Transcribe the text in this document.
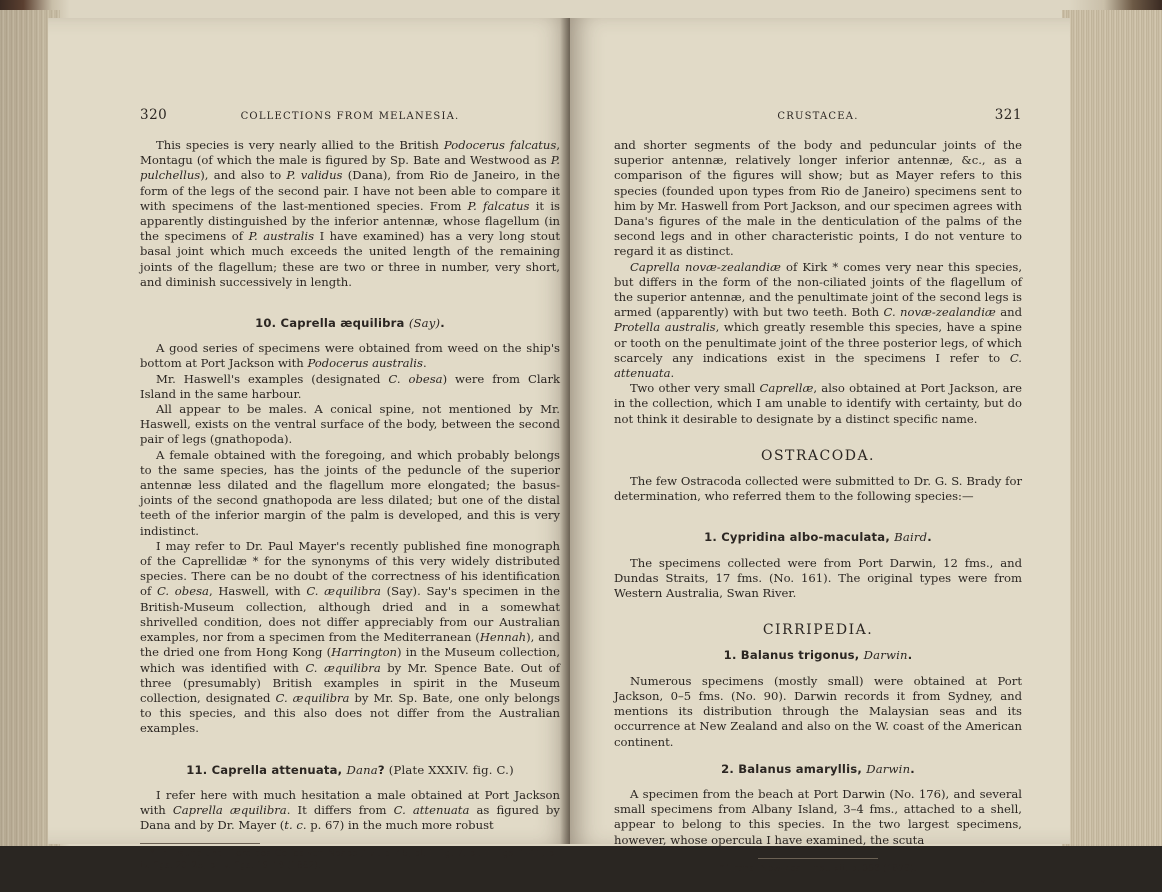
320	COLLECTIONS FROM MELANESIA.

This species is very nearly allied to the British Podocerus falcatus, Montagu (of which the male is figured by Sp. Bate and Westwood as P. pulchellus), and also to P. validus (Dana), from Rio de Janeiro, in the form of the legs of the second pair. I have not been able to compare it with specimens of the last-mentioned species. From P. falcatus it is apparently distinguished by the inferior antennæ, whose flagellum (in the specimens of P. australis I have examined) has a very long stout basal joint which much exceeds the united length of the remaining joints of the flagellum; these are two or three in number, very short, and diminish successively in length.

10. Caprella æquilibra (Say).

A good series of specimens were obtained from weed on the ship's bottom at Port Jackson with Podocerus australis.

Mr. Haswell's examples (designated C. obesa) were from Clark Island in the same harbour.

All appear to be males. A conical spine, not mentioned by Mr. Haswell, exists on the ventral surface of the body, between the second pair of legs (gnathopoda).

A female obtained with the foregoing, and which probably belongs to the same species, has the joints of the peduncle of the superior antennæ less dilated and the flagellum more elongated; the basus-joints of the second gnathopoda are less dilated; but one of the distal teeth of the inferior margin of the palm is developed, and this is very indistinct.

I may refer to Dr. Paul Mayer's recently published fine monograph of the Caprellidæ * for the synonyms of this very widely distributed species. There can be no doubt of the correctness of his identification of C. obesa, Haswell, with C. æquilibra (Say). Say's specimen in the British-Museum collection, although dried and in a somewhat shrivelled condition, does not differ appreciably from our Australian examples, nor from a specimen from the Mediterranean (Hennah), and the dried one from Hong Kong (Harrington) in the Museum collection, which was identified with C. æquilibra by Mr. Spence Bate. Out of three (presumably) British examples in spirit in the Museum collection, designated C. æquilibra by Mr. Sp. Bate, one only belongs to this species, and this also does not differ from the Australian examples.

11. Caprella attenuata, Dana? (Plate XXXIV. fig. C.)

I refer here with much hesitation a male obtained at Port Jackson with Caprella æquilibra. It differs from C. attenuata as figured by Dana and by Dr. Mayer (t. c. p. 67) in the much more robust

* In 'Fauna und Flora des Golfes von Neapel,' vi. p. 45, pl. i. fig. 7, pl. ii. figs. 1–11, pl. iv. figs. 20–25, pl. v. figs. 16–18 (1882).

CRUSTACEA.	321

and shorter segments of the body and peduncular joints of the superior antennæ, relatively longer inferior antennæ, &c., as a comparison of the figures will show; but as Mayer refers to this species (founded upon types from Rio de Janeiro) specimens sent to him by Mr. Haswell from Port Jackson, and our specimen agrees with Dana's figures of the male in the denticulation of the palms of the second legs and in other characteristic points, I do not venture to regard it as distinct.

Caprella novæ-zealandiæ of Kirk * comes very near this species, but differs in the form of the non-ciliated joints of the flagellum of the superior antennæ, and the penultimate joint of the second legs is armed (apparently) with but two teeth. Both C. novæ-zealandiæ and Protella australis, which greatly resemble this species, have a spine or tooth on the penultimate joint of the three posterior legs, of which scarcely any indications exist in the specimens I refer to C. attenuata.

Two other very small Caprellæ, also obtained at Port Jackson, are in the collection, which I am unable to identify with certainty, but do not think it desirable to designate by a distinct specific name.

OSTRACODA.

The few Ostracoda collected were submitted to Dr. G. S. Brady for determination, who referred them to the following species:—

1. Cypridina albo-maculata, Baird.

The specimens collected were from Port Darwin, 12 fms., and Dundas Straits, 17 fms. (No. 161). The original types were from Western Australia, Swan River.

CIRRIPEDIA.
1. Balanus trigonus, Darwin.

Numerous specimens (mostly small) were obtained at Port Jackson, 0–5 fms. (No. 90). Darwin records it from Sydney, and mentions its distribution through the Malaysian seas and its occurrence at New Zealand and also on the W. coast of the American continent.

2. Balanus amaryllis, Darwin.

A specimen from the beach at Port Darwin (No. 176), and several small specimens from Albany Island, 3–4 fms., attached to a shell, appear to belong to this species. In the two largest specimens, however, whose opercula I have examined, the scuta

* Trans. New-Zeal. Inst. xii. p. 393 (1879).

Y
